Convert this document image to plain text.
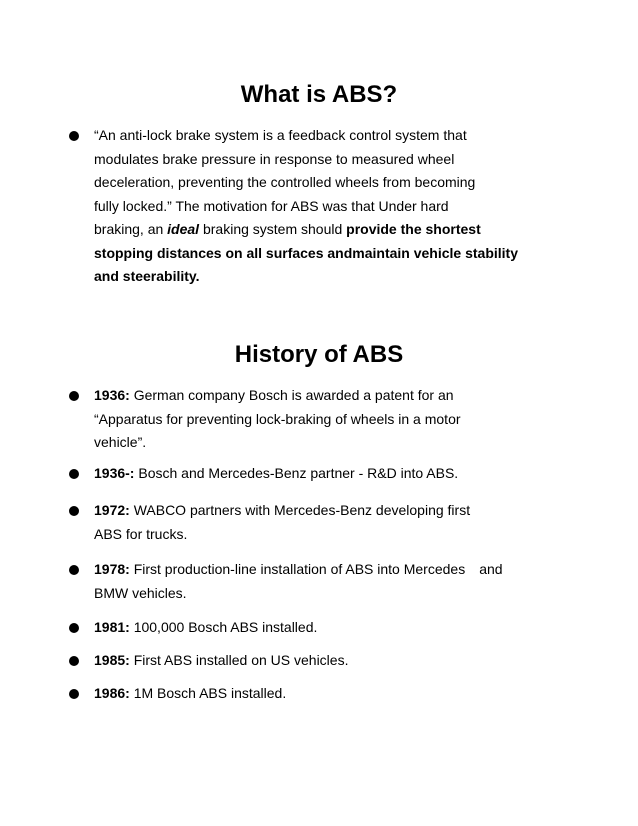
What is ABS?
“An anti-lock brake system is a feedback control system that
modulates brake pressure in response to measured wheel
deceleration, preventing the controlled wheels from becoming
fully locked.” The motivation for ABS was that Under hard
braking, an ideal braking system should provide the shortest
stopping distances on all surfaces andmaintain vehicle stability
and steerability.
History of ABS
1936: German company Bosch is awarded a patent for an
“Apparatus for preventing lock-braking of wheels in a motor
vehicle”.
1936-: Bosch and Mercedes-Benz partner - R&D into ABS.
1972: WABCO partners with Mercedes-Benz developing first
ABS for trucks.
1978: First production-line installation of ABS into Mercedes and
BMW vehicles.
1981: 100,000 Bosch ABS installed.
1985: First ABS installed on US vehicles.
1986: 1M Bosch ABS installed.
